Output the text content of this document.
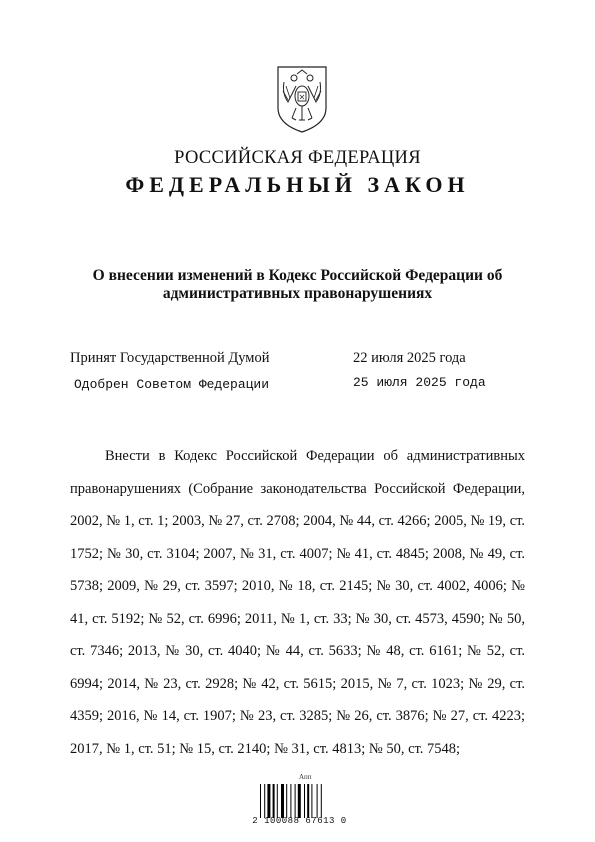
РОССИЙСКАЯ ФЕДЕРАЦИЯ
ФЕДЕРАЛЬНЫЙ ЗАКОН
О внесении изменений в Кодекс Российской Федерации об административных правонарушениях
Принят Государственной Думой	22 июля 2025 года
Одобрен Советом Федерации	25 июля 2025 года

Внести в Кодекс Российской Федерации об административных правонарушениях (Собрание законодательства Российской Федерации, 2002, № 1, ст. 1; 2003, № 27, ст. 2708; 2004, № 44, ст. 4266; 2005, № 19, ст. 1752; № 30, ст. 3104; 2007, № 31, ст. 4007; № 41, ст. 4845; 2008, № 49, ст. 5738; 2009, № 29, ст. 3597; 2010, № 18, ст. 2145; № 30, ст. 4002, 4006; № 41, ст. 5192; № 52, ст. 6996; 2011, № 1, ст. 33; № 30, ст. 4573, 4590; № 50, ст. 7346; 2013, № 30, ст. 4040; № 44, ст. 5633; № 48, ст. 6161; № 52, ст. 6994; 2014, № 23, ст. 2928; № 42, ст. 5615; 2015, № 7, ст. 1023; № 29, ст. 4359; 2016, № 14, ст. 1907; № 23, ст. 3285; № 26, ст. 3876; № 27, ст. 4223; 2017, № 1, ст. 51; № 15, ст. 2140; № 31, ст. 4813; № 50, ст. 7548;

Апп
2 100088 67613 0
